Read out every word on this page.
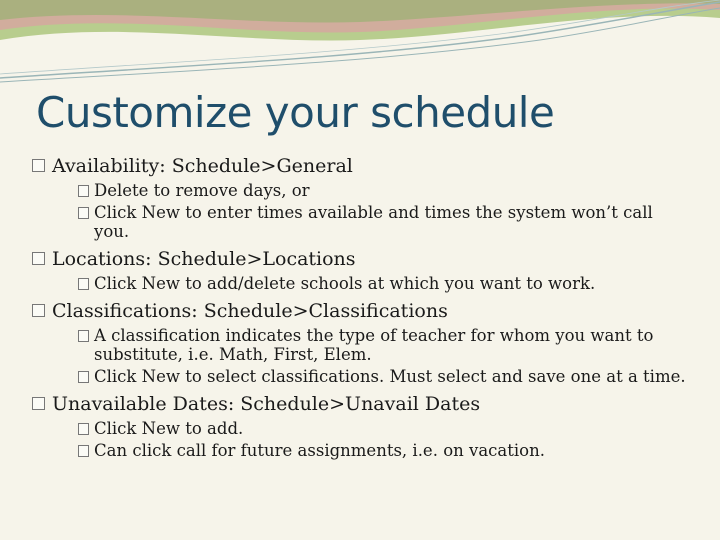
Customize your schedule
Availability: Schedule>General
Delete to remove days, or
Click New to enter times available and times the system won’t call you.
Locations: Schedule>Locations
Click New to add/delete schools at which you want to work.
Classifications: Schedule>Classifications
A classification indicates the type of teacher for whom you want to substitute, i.e. Math, First, Elem.
Click New to select classifications. Must select and save one at a time.
Unavailable Dates: Schedule>Unavail Dates
Click New to add.
Can click call for future assignments, i.e. on vacation.
